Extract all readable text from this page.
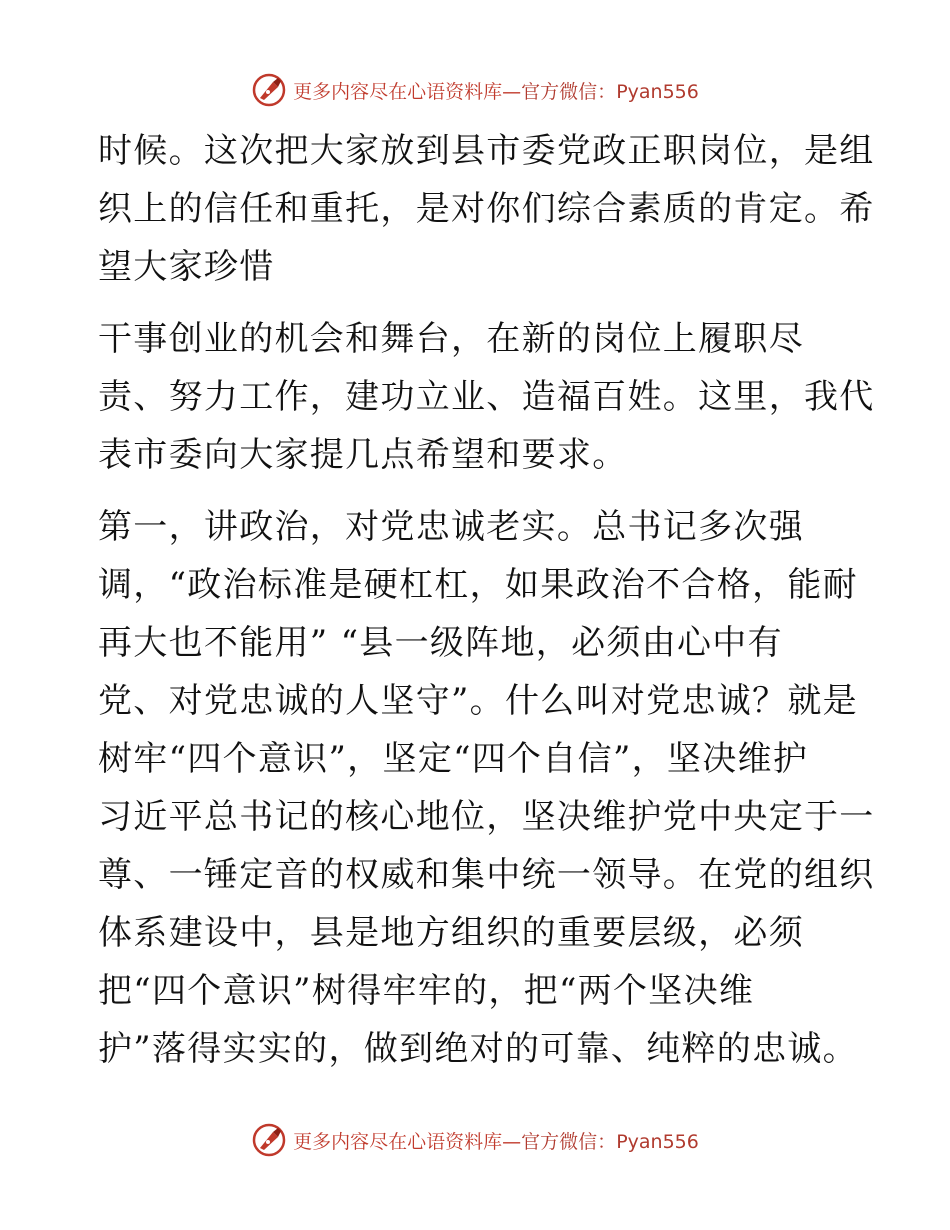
更多内容尽在心语资料库—官方微信：Pyan556
时候。这次把大家放到县市委党政正职岗位，是组
织上的信任和重托，是对你们综合素质的肯定。希
望大家珍惜
干事创业的机会和舞台，在新的岗位上履职尽
责、努力工作，建功立业、造福百姓。这里，我代
表市委向大家提几点希望和要求。
第一，讲政治，对党忠诚老实。总书记多次强
调，“政治标准是硬杠杠，如果政治不合格，能耐
再大也不能用” “县一级阵地，必须由心中有
党、对党忠诚的人坚守”。什么叫对党忠诚？就是
树牢“四个意识”，坚定“四个自信”，坚决维护
习近平总书记的核心地位，坚决维护党中央定于一
尊、一锤定音的权威和集中统一领导。在党的组织
体系建设中，县是地方组织的重要层级，必须
把“四个意识”树得牢牢的，把“两个坚决维
护”落得实实的，做到绝对的可靠、纯粹的忠诚。
更多内容尽在心语资料库—官方微信：Pyan556
